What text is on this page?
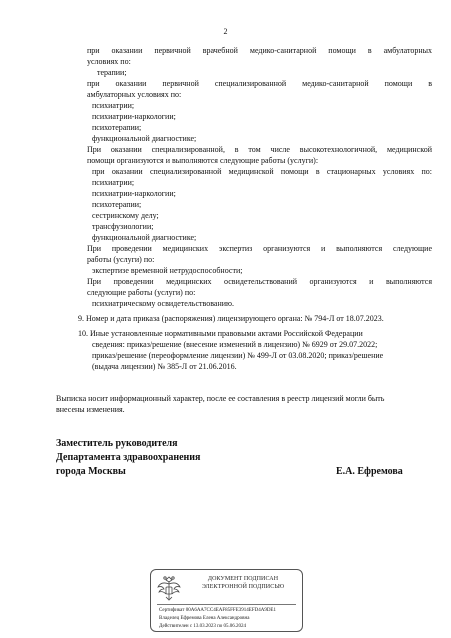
2
при оказании первичной врачебной медико-санитарной помощи в амбулаторных
условиях по:
терапии;
при оказании первичной специализированной медико-санитарной помощи в
амбулаторных условиях по:
психиатрии;
психиатрии-наркологии;
психотерапии;
функциональной диагностике;
При оказании специализированной, в том числе высокотехнологичной, медицинской
помощи организуются и выполняются следующие работы (услуги):
при оказании специализированной медицинской помощи в стационарных условиях по:
психиатрии;
психиатрии-наркологии;
психотерапии;
сестринскому делу;
трансфузиологии;
функциональной диагностике;
При проведении медицинских экспертиз организуются и выполняются следующие
работы (услуги) по:
экспертизе временной нетрудоспособности;
При проведении медицинских освидетельствований организуются и выполняются
следующие работы (услуги) по:
психиатрическому освидетельствованию.
9. Номер и дата приказа (распоряжения) лицензирующего органа: № 794-Л от 18.07.2023.
10. Иные установленные нормативными правовыми актами Российской Федерации
сведения: приказ/решение (внесение изменений в лицензию) № 6929 от 29.07.2022;
приказ/решение (переоформление лицензии) № 499-Л от 03.08.2020; приказ/решение
(выдача лицензии) № 385-Л от 21.06.2016.
Выписка носит информационный характер, после ее составления в реестр лицензий могли быть
внесены изменения.
Заместитель руководителя
Департамента здравоохранения
города Москвы	Е.А. Ефремова
ДОКУМЕНТ ПОДПИСАН
ЭЛЕКТРОННОЙ ПОДПИСЬЮ
Сертификат 00A6AA7CC4EAF85FFE3914EFD4A9DE1
Владелец Ефремова Елена Александровна
Действителен с 13.03.2023 по 05.06.2024
